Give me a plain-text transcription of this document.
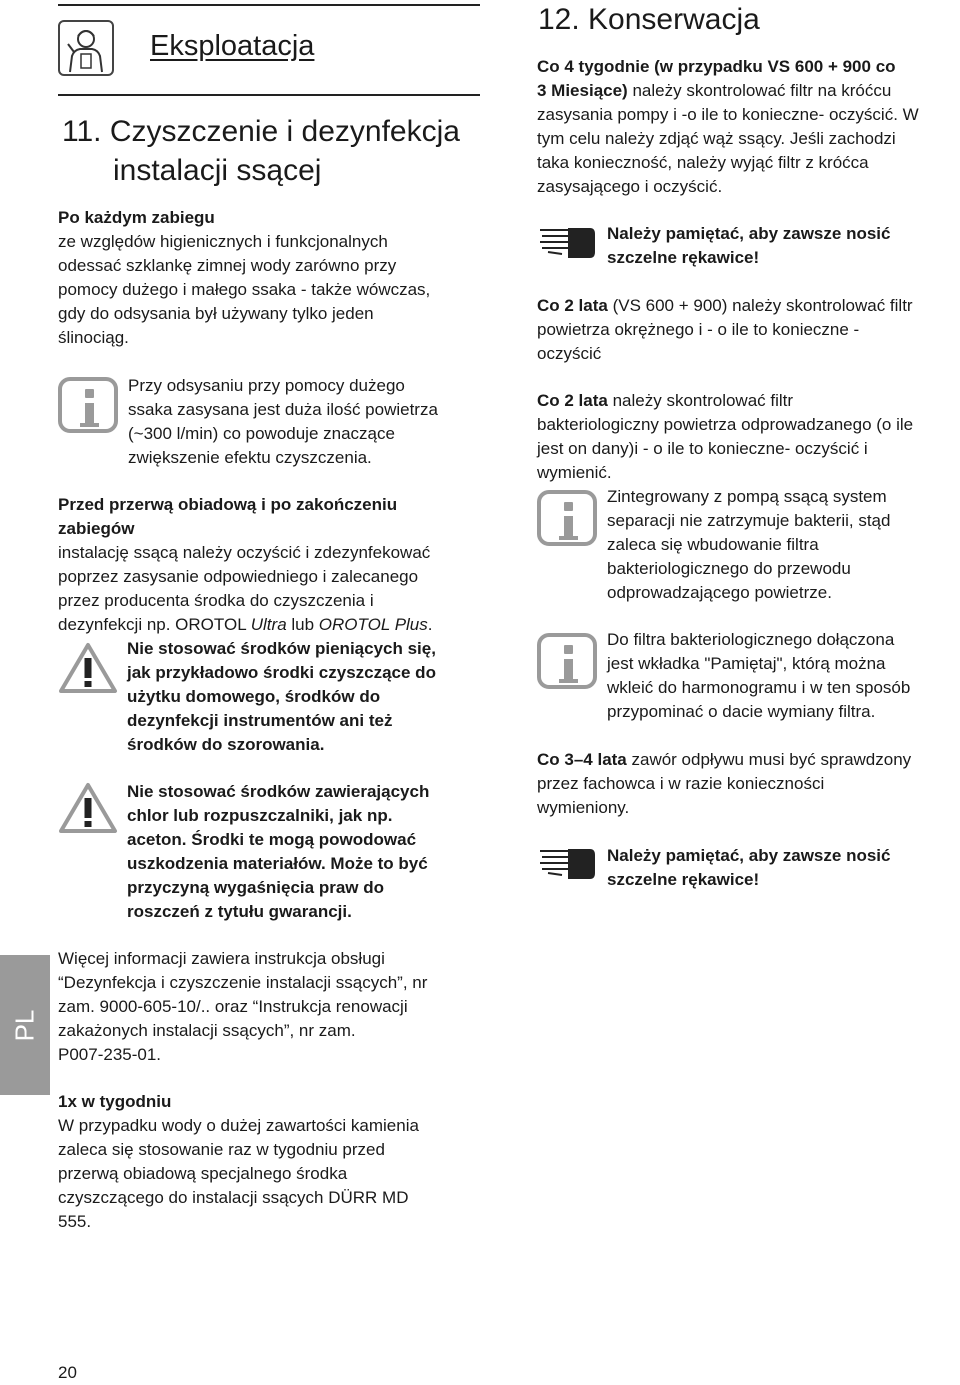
Eksploatacja
11. Czyszczenie i dezynfekcja
instalacji ssącej
Po każdym zabiegu
ze względów higienicznych i funkcjonalnych
odessać szklankę zimnej wody zarówno przy
pomocy dużego i małego ssaka - także wówczas,
gdy do odsysania był używany tylko jeden
ślinociąg.
Przy odsysaniu przy pomocy dużego
ssaka zasysana jest duża ilość powietrza
(~300 l/min) co powoduje znaczące
zwiększenie efektu czyszczenia.
Przed przerwą obiadową i po zakończeniu
zabiegów
instalację ssącą należy oczyścić i zdezynfekować
poprzez zasysanie odpowiedniego i zalecanego
przez producenta środka do czyszczenia i
dezynfekcji np. OROTOL Ultra lub OROTOL Plus.
Nie stosować środków pieniących się,
jak przykładowo środki czyszczące do
użytku domowego, środków do
dezynfekcji instrumentów ani też
środków do szorowania.
Nie stosować środków zawierających
chlor lub rozpuszczalniki, jak np.
aceton. Środki te mogą powodować
uszkodzenia materiałów. Może to być
przyczyną wygaśnięcia praw do
roszczeń z tytułu gwarancji.
PL
Więcej informacji zawiera instrukcja obsługi
“Dezynfekcja i czyszczenie instalacji ssących”, nr
zam. 9000-605-10/.. oraz “Instrukcja renowacji
zakażonych instalacji ssących”, nr zam.
P007-235-01.
1x w tygodniu
W przypadku wody o dużej zawartości kamienia
zaleca się stosowanie raz w tygodniu przed
przerwą obiadową specjalnego środka
czyszczącego do instalacji ssących DÜRR MD
555.
20
12. Konserwacja
Co 4 tygodnie (w przypadku VS 600 + 900 co
3 Miesiące) należy skontrolować filtr na króćcu
zasysania pompy i -o ile to konieczne- oczyścić. W
tym celu należy zdjąć wąż ssący. Jeśli zachodzi
taka konieczność, należy wyjąć filtr z króćca
zasysającego i oczyścić.
Należy pamiętać, aby zawsze nosić
szczelne rękawice!
Co 2 lata (VS 600 + 900) należy skontrolować filtr
powietrza okrężnego i - o ile to konieczne -
oczyścić
Co 2 lata należy skontrolować filtr
bakteriologiczny powietrza odprowadzanego (o ile
jest on dany)i - o ile to konieczne- oczyścić i
wymienić.
Zintegrowany z pompą ssącą system
separacji nie zatrzymuje bakterii, stąd
zaleca się wbudowanie filtra
bakteriologicznego do przewodu
odprowadzającego powietrze.
Do filtra bakteriologicznego dołączona
jest wkładka "Pamiętaj", którą można
wkleić do harmonogramu i w ten sposób
przypominać o dacie wymiany filtra.
Co 3–4 lata zawór odpływu musi być sprawdzony
przez fachowca i w razie konieczności
wymieniony.
Należy pamiętać, aby zawsze nosić
szczelne rękawice!
